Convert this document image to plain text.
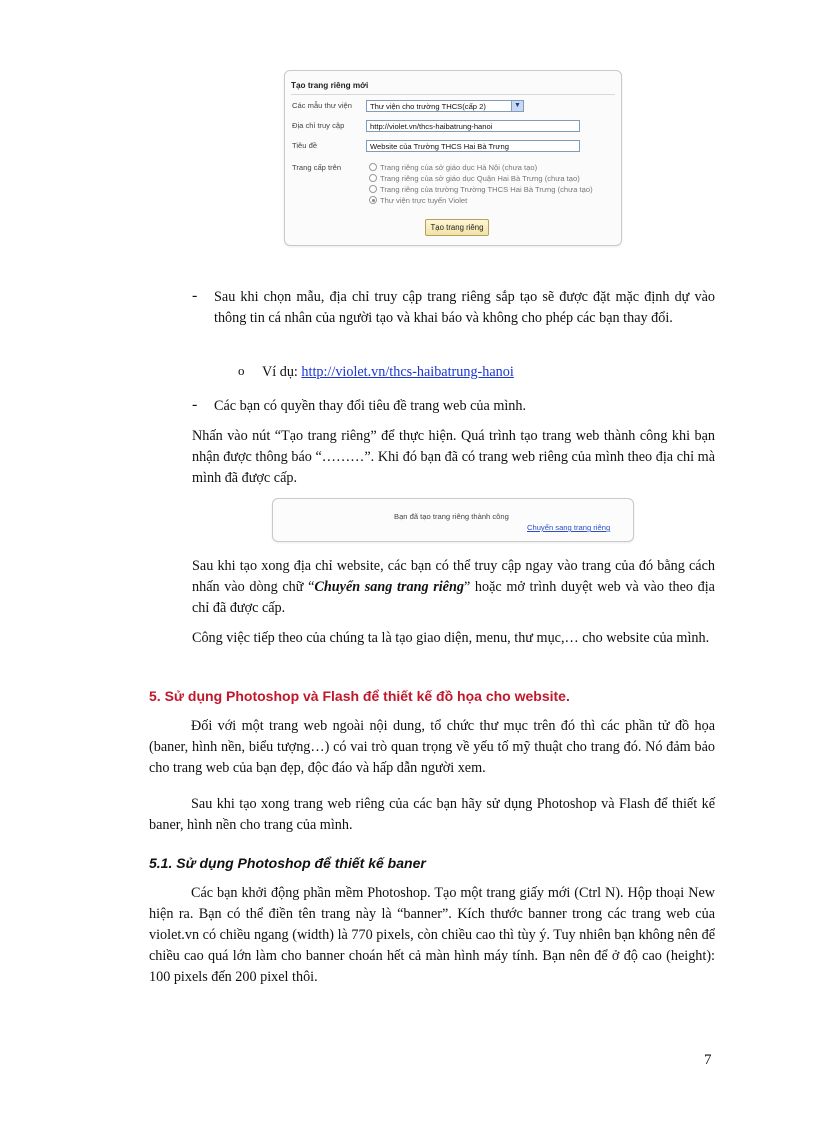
Tạo trang riêng mới
Các mẫu thư viện	Thư viện cho trường THCS(cấp 2)	▼
Địa chỉ truy cập	http://violet.vn/thcs-haibatrung-hanoi
Tiêu đề	Website của Trường THCS Hai Bà Trưng
Trang cấp trên	Trang riêng của sở giáo dục Hà Nội (chưa tạo)
Trang riêng của sở giáo dục Quận Hai Bà Trưng (chưa tạo)
Trang riêng của trường Trường THCS Hai Bà Trưng (chưa tạo)
Thư viện trực tuyến Violet
Tạo trang riêng
- Sau khi chọn mẫu, địa chỉ truy cập trang riêng sắp tạo sẽ được đặt mặc định dự vào thông tin cá nhân của người tạo và khai báo và không cho phép các bạn thay đổi.

o Ví dụ: http://violet.vn/thcs-haibatrung-hanoi

- Các bạn có quyền thay đổi tiêu đề trang web của mình.

Nhấn vào nút “Tạo trang riêng” để thực hiện. Quá trình tạo trang web thành công khi bạn nhận được thông báo “………”. Khi đó bạn đã có trang web riêng của mình theo địa chỉ mà mình đã được cấp.

Bạn đã tạo trang riêng thành công
Chuyển sang trang riêng

Sau khi tạo xong địa chỉ website, các bạn có thể truy cập ngay vào trang của đó bằng cách nhấn vào dòng chữ “Chuyển sang trang riêng” hoặc mở trình duyệt web và vào theo địa chỉ đã được cấp.

Công việc tiếp theo của chúng ta là tạo giao diện, menu, thư mục,… cho website của mình.

5. Sử dụng Photoshop và Flash để thiết kế đồ họa cho website.

Đối với một trang web ngoài nội dung, tổ chức thư mục trên đó thì các phần tử đồ họa (baner, hình nền, biểu tượng…) có vai trò quan trọng về yếu tố mỹ thuật cho trang đó. Nó đảm bảo cho trang web của bạn đẹp, độc đáo và hấp dẫn người xem.

Sau khi tạo xong trang web riêng của các bạn hãy sử dụng Photoshop và Flash để thiết kế baner, hình nền cho trang của mình.

5.1. Sử dụng Photoshop để thiết kế baner

Các bạn khởi động phần mềm Photoshop. Tạo một trang giấy mới (Ctrl N). Hộp thoại New hiện ra. Bạn có thể điền tên trang này là “banner”. Kích thước banner trong các trang web của violet.vn có chiều ngang (width) là 770 pixels, còn chiều cao thì tùy ý. Tuy nhiên bạn không nên để chiều cao quá lớn làm cho banner choán hết cả màn hình máy tính. Bạn nên để ở độ cao (height): 100 pixels đến 200 pixel thôi.

7
